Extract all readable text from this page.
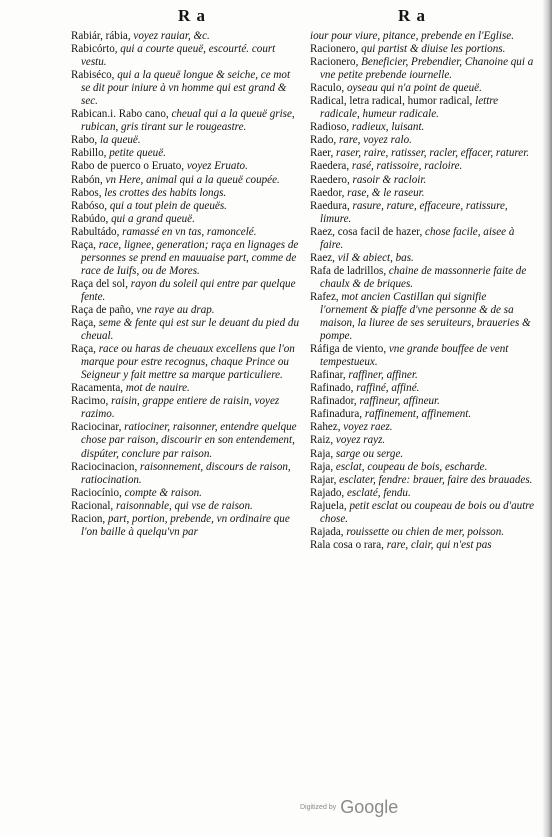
R a	R a

Rabiár, rábia, voyez rauiar, &c.

Rabicórto, qui a courte queuë, escourté. court vestu.

Rabiséco, qui a la queuë longue & seiche, ce mot se dit pour iniure à vn homme qui est grand & sec.

Rabican.i. Rabo cano, cheual qui a la queuë grise, rubican, gris tirant sur le rougeastre.

Rabo, la queuë.

Rabillo, petite queuë.

Rabo de puerco o Eruato, voyez Eruato.

Rabón, vn Here, animal qui a la queuë coupée.

Rabos, les crottes des habits longs.

Rabóso, qui a tout plein de queuës.

Rabúdo, qui a grand queuë.

Rabultádo, ramassé en vn tas, ramoncelé.

Raça, race, lignee, generation; raça en lignages de personnes se prend en mauuaise part, comme de race de Iuifs, ou de Mores.

Raça del sol, rayon du soleil qui entre par quelque fente.

Raça de paño, vne raye au drap.

Raça, seme & fente qui est sur le deuant du pied du cheual.

Raça, race ou haras de cheuaux excellens que l'on marque pour estre recognus, chaque Prince ou Seigneur y fait mettre sa marque particuliere.

Racamenta, mot de nauire.

Racimo, raisin, grappe entiere de raisin, voyez razimo.

Raciocinar, ratiociner, raisonner, entendre quelque chose par raison, discourir en son entendement, dispúter, conclure par raison.

Raciocinacion, raisonnement, discours de raison, ratiocination.

Raciocínio, compte & raison.

Racional, raisonnable, qui vse de raison.

Racion, part, portion, prebende, vn ordinaire que l'on baille à quelqu'vn par

iour pour viure, pitance, prebende en l'Eglise.

Racionero, qui partist & diuise les portions.

Racionero, Beneficier, Prebendier, Chanoine qui a vne petite prebende iournelle.

Raculo, oyseau qui n'a point de queuë.

Radical, letra radical, humor radical, lettre radicale, humeur radicale.

Radioso, radieux, luisant.

Rado, rare, voyez ralo.

Raer, raser, raire, ratisser, racler, effacer, raturer.

Raedera, rasé, ratissoire, racloire.

Raedero, rasoir & racloir.

Raedor, rase, & le raseur.

Raedura, rasure, rature, effaceure, ratissure, limure.

Raez, cosa facil de hazer, chose facile, aisee à faire.

Raez, vil & abiect, bas.

Rafa de ladrillos, chaine de massonnerie faite de chaulx & de briques.

Rafez, mot ancien Castillan qui signifie l'ornement & piaffe d'vne personne & de sa maison, la liuree de ses seruiteurs, braueries & pompe.

Ráfiga de viento, vne grande bouffee de vent tempestueux.

Rafinar, raffiner, affiner.

Rafinado, raffiné, affiné.

Rafinador, raffineur, affineur.

Rafinadura, raffinement, affinement.

Rahez, voyez raez.

Raiz, voyez rayz.

Raja, sarge ou serge.

Raja, esclat, coupeau de bois, escharde.

Rajar, esclater, fendre: brauer, faire des brauades.

Rajado, esclaté, fendu.

Rajuela, petit esclat ou coupeau de bois ou d'autre chose.

Rajada, rouissette ou chien de mer, poisson.

Rala cosa o rara, rare, clair, qui n'est pas

Digitized by Google
